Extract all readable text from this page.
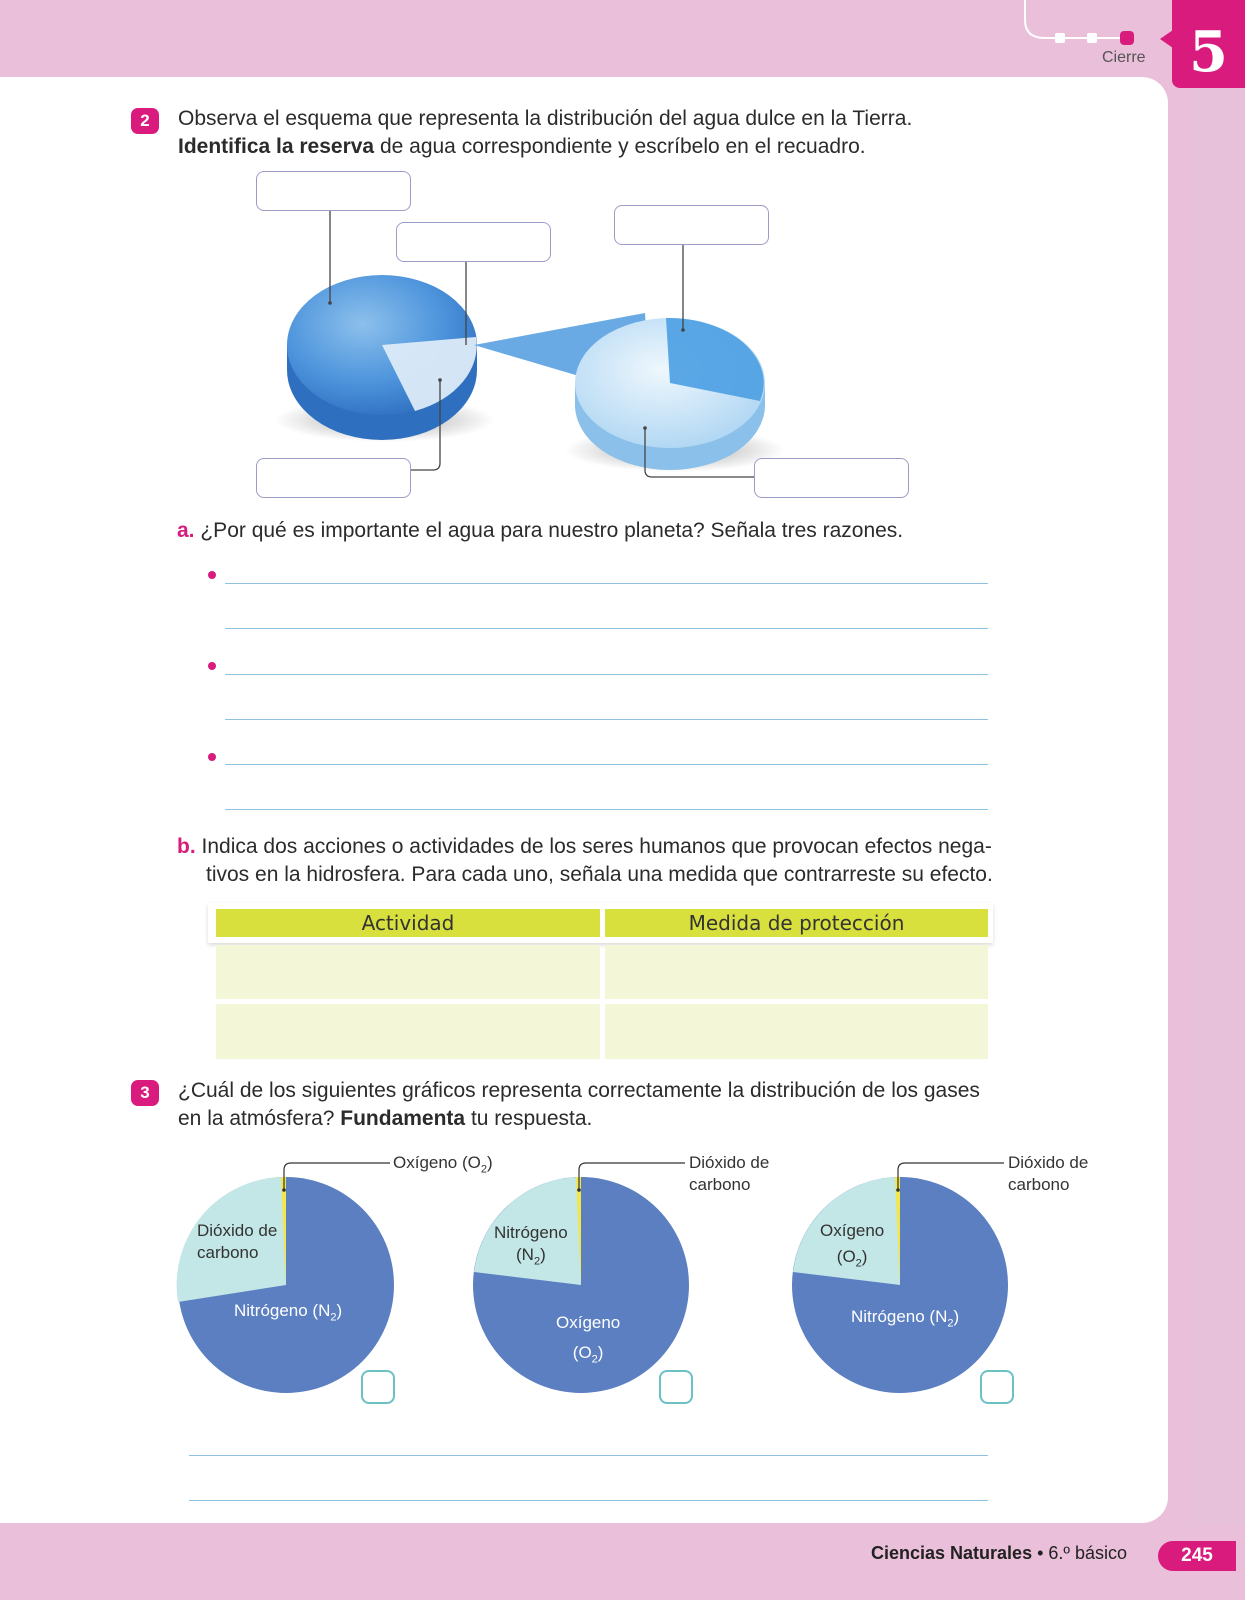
Cierre 5
2	Observa el esquema que representa la distribución del agua dulce en la Tierra.
Identifica la reserva de agua correspondiente y escríbelo en el recuadro.
a. ¿Por qué es importante el agua para nuestro planeta? Señala tres razones.
b. Indica dos acciones o actividades de los seres humanos que provocan efectos nega-
tivos en la hidrosfera. Para cada uno, señala una medida que contrarreste su efecto.
Actividad	Medida de protección
3	¿Cuál de los siguientes gráficos representa correctamente la distribución de los gases
en la atmósfera? Fundamenta tu respuesta.
Oxígeno $(O_2)$
Dióxido de
carbono
Nitrógeno $(N_2)$
Dióxido de
carbono
Nitrógeno
$(N_2)$
Oxígeno
$(O_2)$
Dióxido de
carbono
Oxígeno
$(O_2)$
Nitrógeno $(N_2)$
Ciencias Naturales • 6.º básico	245
